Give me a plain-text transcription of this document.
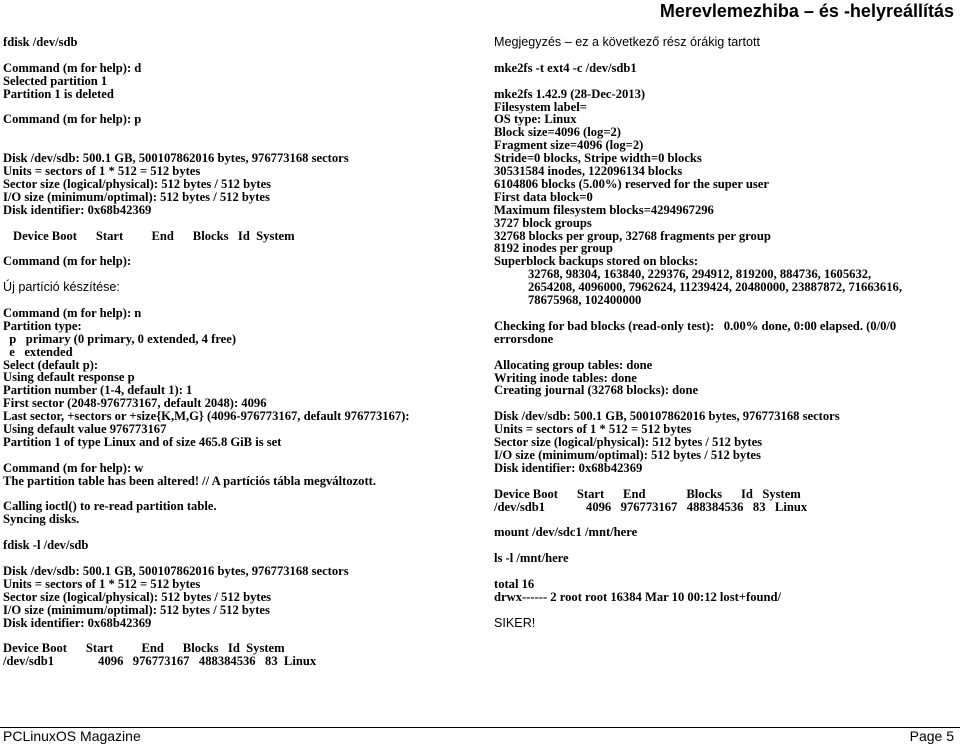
Merevlemezhiba – és -helyreállítás
fdisk /dev/sdb
Command (m for help): d
Selected partition 1
Partition 1 is deleted
Command (m for help): p
Disk /dev/sdb: 500.1 GB, 500107862016 bytes, 976773168 sectors
Units = sectors of 1 * 512 = 512 bytes
Sector size (logical/physical): 512 bytes / 512 bytes
I/O size (minimum/optimal): 512 bytes / 512 bytes
Disk identifier: 0x68b42369
Device Boot      Start         End      Blocks   Id  System
Command (m for help):
Új partíció készítése:
Command (m for help): n
Partition type:
p   primary (0 primary, 0 extended, 4 free)
e   extended
Select (default p):
Using default response p
Partition number (1-4, default 1): 1
First sector (2048-976773167, default 2048): 4096
Last sector, +sectors or +size{K,M,G} (4096-976773167, default 976773167):
Using default value 976773167
Partition 1 of type Linux and of size 465.8 GiB is set
Command (m for help): w
The partition table has been altered! // A partíciós tábla megváltozott.
Calling ioctl() to re-read partition table.
Syncing disks.
fdisk -l /dev/sdb
Disk /dev/sdb: 500.1 GB, 500107862016 bytes, 976773168 sectors
Units = sectors of 1 * 512 = 512 bytes
Sector size (logical/physical): 512 bytes / 512 bytes
I/O size (minimum/optimal): 512 bytes / 512 bytes
Disk identifier: 0x68b42369
Device Boot      Start         End      Blocks   Id  System
/dev/sdb1              4096   976773167   488384536   83  Linux
Megjegyzés – ez a következő rész órákig tartott
mke2fs -t ext4 -c /dev/sdb1
mke2fs 1.42.9 (28-Dec-2013)
Filesystem label=
OS type: Linux
Block size=4096 (log=2)
Fragment size=4096 (log=2)
Stride=0 blocks, Stripe width=0 blocks
30531584 inodes, 122096134 blocks
6104806 blocks (5.00%) reserved for the super user
First data block=0
Maximum filesystem blocks=4294967296
3727 block groups
32768 blocks per group, 32768 fragments per group
8192 inodes per group
Superblock backups stored on blocks:
32768, 98304, 163840, 229376, 294912, 819200, 884736, 1605632,
2654208, 4096000, 7962624, 11239424, 20480000, 23887872, 71663616,
78675968, 102400000
Checking for bad blocks (read-only test):   0.00% done, 0:00 elapsed. (0/0/0
errorsdone
Allocating group tables: done
Writing inode tables: done
Creating journal (32768 blocks): done
Disk /dev/sdb: 500.1 GB, 500107862016 bytes, 976773168 sectors
Units = sectors of 1 * 512 = 512 bytes
Sector size (logical/physical): 512 bytes / 512 bytes
I/O size (minimum/optimal): 512 bytes / 512 bytes
Disk identifier: 0x68b42369
Device Boot      Start      End             Blocks      Id   System
/dev/sdb1             4096   976773167   488384536   83   Linux
mount /dev/sdc1 /mnt/here
ls -l /mnt/here
total 16
drwx------ 2 root root 16384 Mar 10 00:12 lost+found/
SIKER!
PCLinuxOS Magazine	Page 5
